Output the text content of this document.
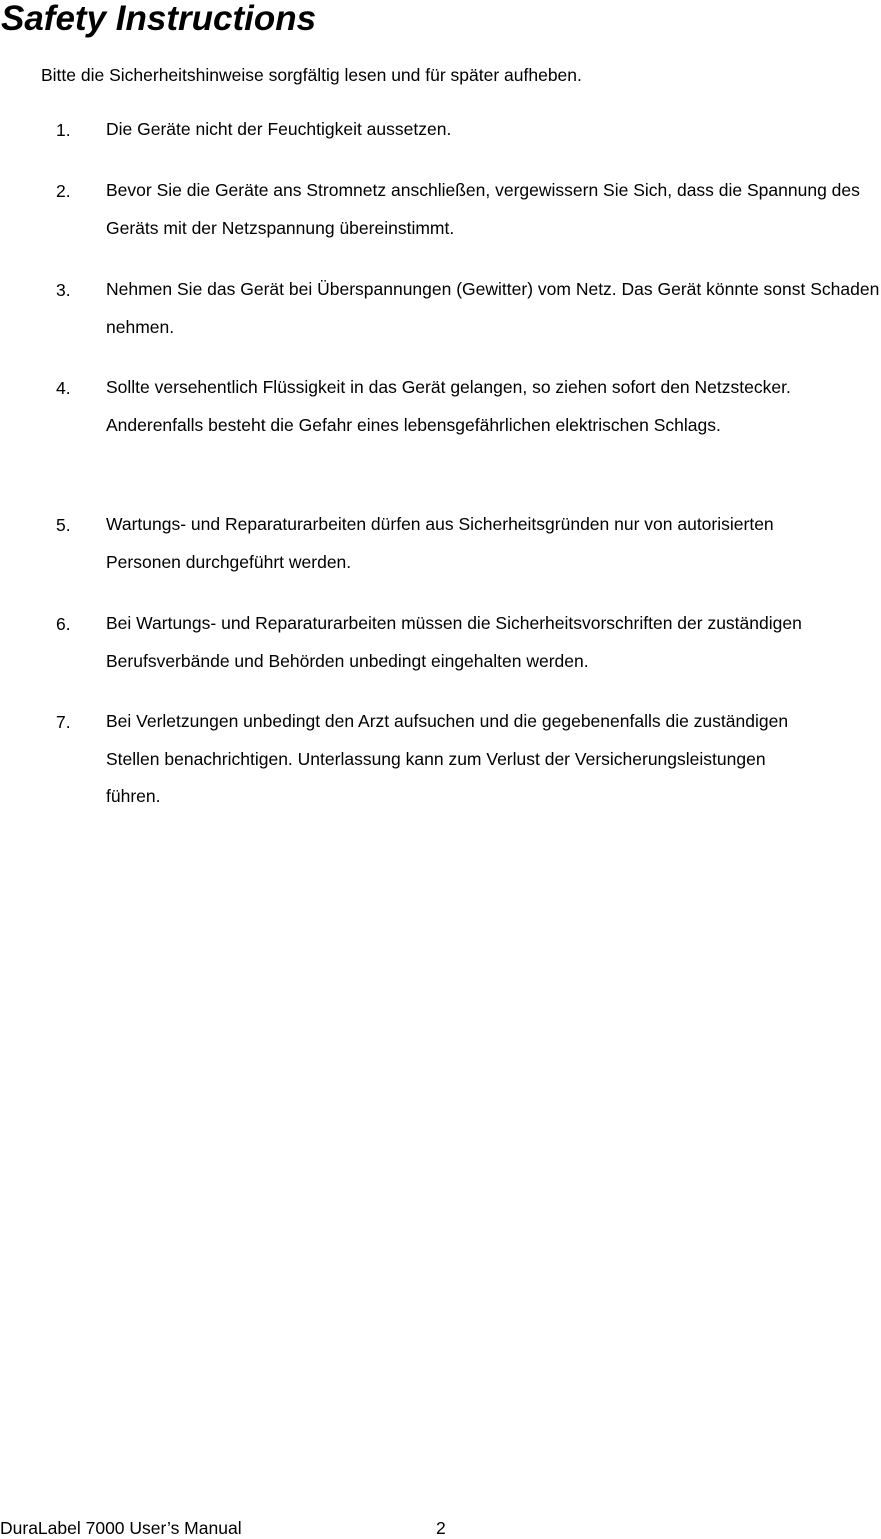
Safety Instructions
Bitte die Sicherheitshinweise sorgfältig lesen und für später aufheben.
1. Die Geräte nicht der Feuchtigkeit aussetzen.
2. Bevor Sie die Geräte ans Stromnetz anschließen, vergewissern Sie Sich, dass die Spannung des Geräts mit der Netzspannung übereinstimmt.
3. Nehmen Sie das Gerät bei Überspannungen (Gewitter) vom Netz. Das Gerät könnte sonst Schaden nehmen.
4. Sollte versehentlich Flüssigkeit in das Gerät gelangen, so ziehen sofort den Netzstecker. Anderenfalls besteht die Gefahr eines lebensgefährlichen elektrischen Schlags.
5. Wartungs- und Reparaturarbeiten dürfen aus Sicherheitsgründen nur von autorisierten Personen durchgeführt werden.
6. Bei Wartungs- und Reparaturarbeiten müssen die Sicherheitsvorschriften der zuständigen Berufsverbände und Behörden unbedingt eingehalten werden.
7. Bei Verletzungen unbedingt den Arzt aufsuchen und die gegebenenfalls die zuständigen Stellen benachrichtigen. Unterlassung kann zum Verlust der Versicherungsleistungen führen.
DuraLabel 7000 User’s Manual	2
